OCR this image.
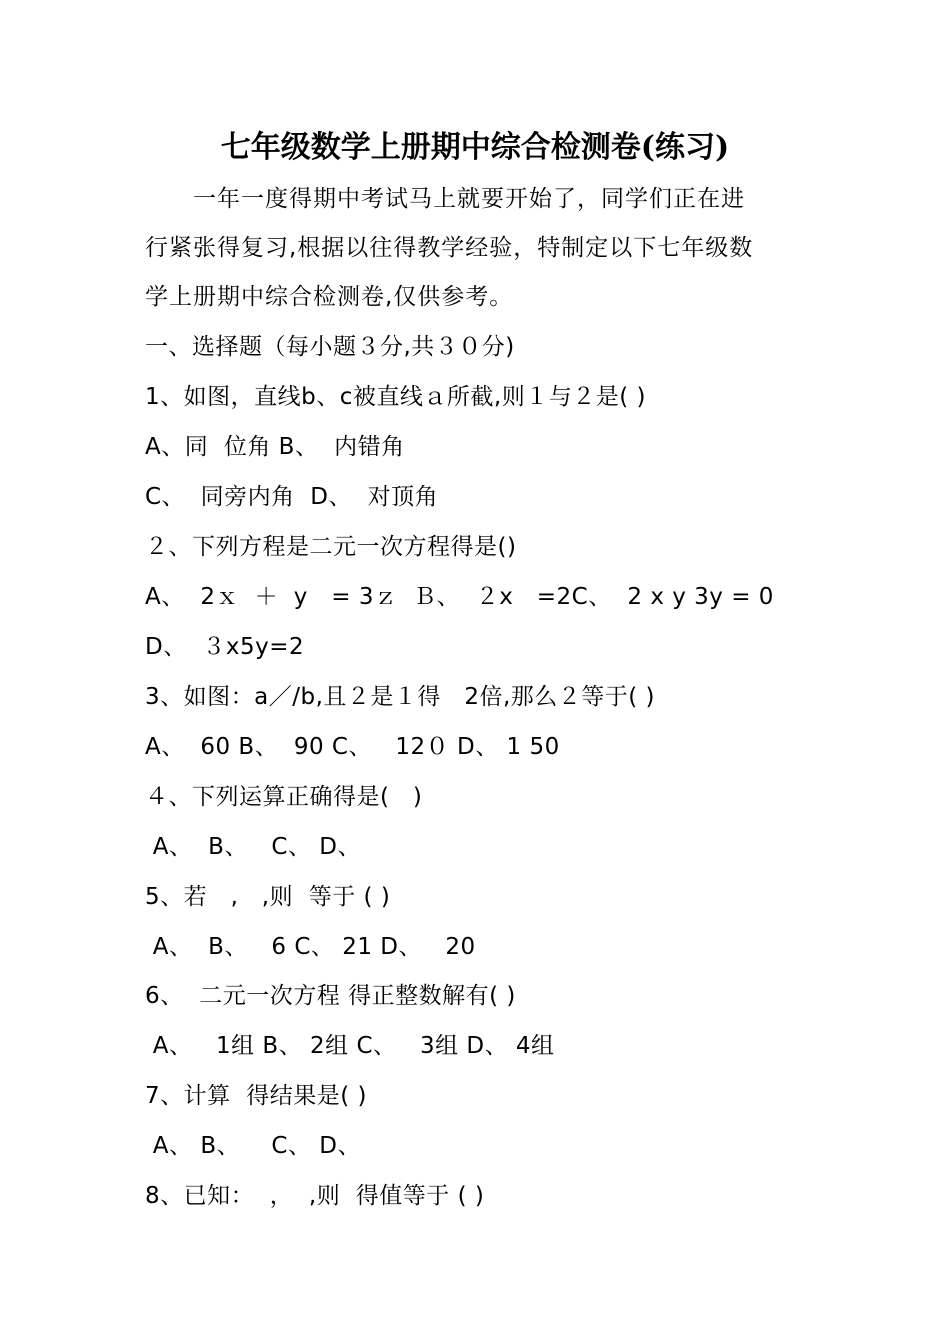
七年级数学上册期中综合检测卷(练习)
　　一年一度得期中考试马上就要开始了，同学们正在进
行紧张得复习,根据以往得教学经验，特制定以下七年级数
学上册期中综合检测卷,仅供参考。
一、选择题（每小题３分,共３０分)
1、如图，直线b、c被直线ａ所截,则１与２是( )
A、同  位角 B、  内错角
C、  同旁内角  D、  对顶角
２、下列方程是二元一次方程得是()
A、  2ｘ  ＋  y   = 3ｚ  Ｂ、  ２x   =2C、  2 x y 3y = 0
D、  ３x5y=2
3、如图：a／/b,且２是１得   2倍,那么２等于( )
A、  60 B、  90 C、   12０ D、 1 50
４、下列运算正确得是(   )
A、  B、   C、 D、
5、若   ,   ,则  等于 ( )
A、  B、   6 C、 21 D、   20
6、  二元一次方程 得正整数解有( )
A、   1组 B、 2组 C、   3组 D、 4组
7、计算  得结果是( )
A、 B、    C、 D、
8、已知：  ，  ,则  得值等于 ( )
